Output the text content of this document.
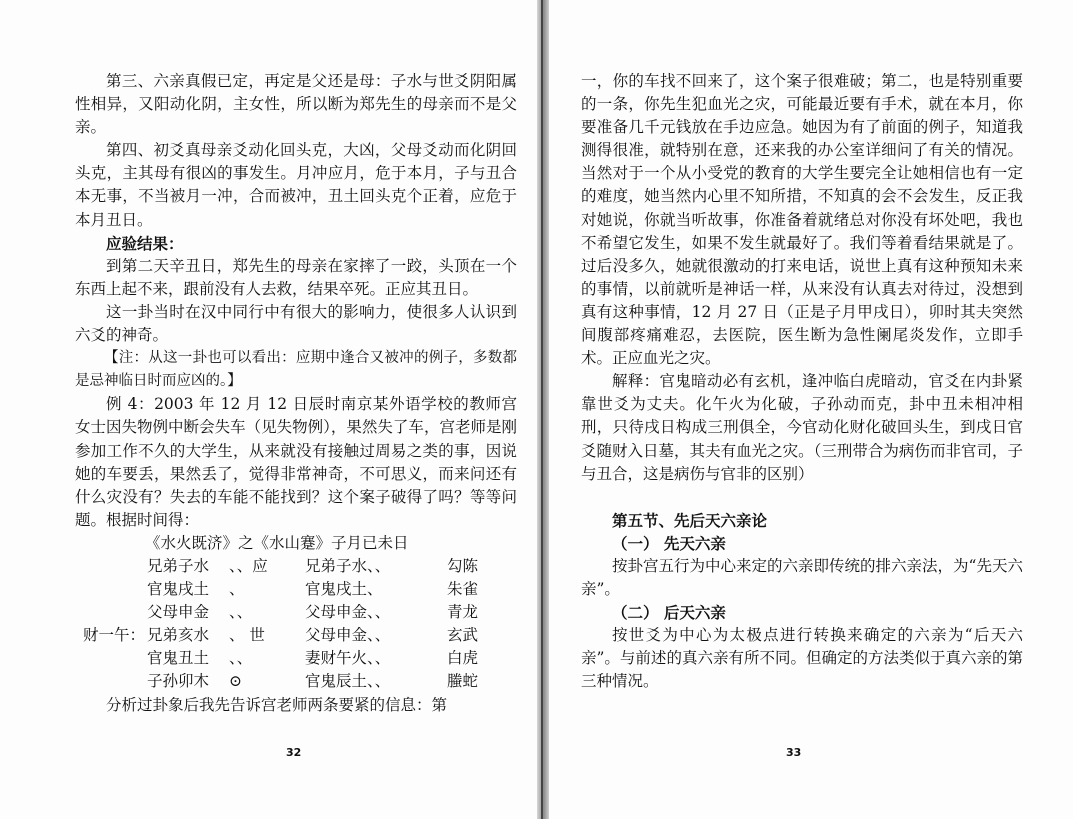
第三、六亲真假已定，再定是父还是母：子水与世爻阴阳属性相异，又阳动化阴，主女性，所以断为郑先生的母亲而不是父亲。

第四、初爻真母亲爻动化回头克，大凶，父母爻动而化阴回头克，主其母有很凶的事发生。月冲应月，危于本月，子与丑合本无事，不当被月一冲，合而被冲，丑土回头克个正着，应危于本月丑日。

应验结果：

到第二天辛丑日，郑先生的母亲在家摔了一跤，头顶在一个东西上起不来，跟前没有人去救，结果卒死。正应其丑日。

这一卦当时在汉中同行中有很大的影响力，使很多人认识到六爻的神奇。

【注：从这一卦也可以看出：应期中逢合又被冲的例子，多数都是忌神临日时而应凶的。】

例 4：2003 年 12 月 12 日辰时南京某外语学校的教师宫女士因失物例中断会失车（见失物例），果然失了车，宫老师是刚参加工作不久的大学生，从来就没有接触过周易之类的事，因说她的车要丢，果然丢了，觉得非常神奇，不可思义，而来问还有什么灾没有？失去的车能不能找到？这个案子破得了吗？等等问题。根据时间得：

《水火既济》之《水山蹇》子月已未日

	兄弟子水	、、应	兄弟子水	、、	勾陈
	官鬼戌土	、	官鬼戌土	、	朱雀
	父母申金	、、	父母申金	、、	青龙
财一午：	兄弟亥水	、 世	父母申金	、、	玄武
	官鬼丑土	、、	妻财午火	、、	白虎
	子孙卯木	⊙	官鬼辰土	、、	螣蛇

分析过卦象后我先告诉宫老师两条要紧的信息：第

32

一，你的车找不回来了，这个案子很难破；第二，也是特别重要的一条，你先生犯血光之灾，可能最近要有手术，就在本月，你要准备几千元钱放在手边应急。她因为有了前面的例子，知道我测得很准，就特别在意，还来我的办公室详细问了有关的情况。当然对于一个从小受党的教育的大学生要完全让她相信也有一定的难度，她当然内心里不知所措，不知真的会不会发生，反正我对她说，你就当听故事，你准备着就绪总对你没有坏处吧，我也不希望它发生，如果不发生就最好了。我们等着看结果就是了。过后没多久，她就很激动的打来电话，说世上真有这种预知未来的事情，以前就听是神话一样，从来没有认真去对待过，没想到真有这种事情，12 月 27 日（正是子月甲戌日），卯时其夫突然间腹部疼痛难忍，去医院，医生断为急性阑尾炎发作，立即手术。正应血光之灾。

解释：官鬼暗动必有玄机，逢冲临白虎暗动，官爻在内卦紧靠世爻为丈夫。化午火为化破，子孙动而克，卦中丑未相冲相刑，只待戌日构成三刑俱全，今官动化财化破回头生，到戌日官爻随财入日墓，其夫有血光之灾。（三刑带合为病伤而非官司，子与丑合，这是病伤与官非的区别）

第五节、先后天六亲论

（一） 先天六亲

按卦宫五行为中心来定的六亲即传统的排六亲法，为“先天六亲”。

（二） 后天六亲

按世爻为中心为太极点进行转换来确定的六亲为“后天六亲”。与前述的真六亲有所不同。但确定的方法类似于真六亲的第三种情况。

33
